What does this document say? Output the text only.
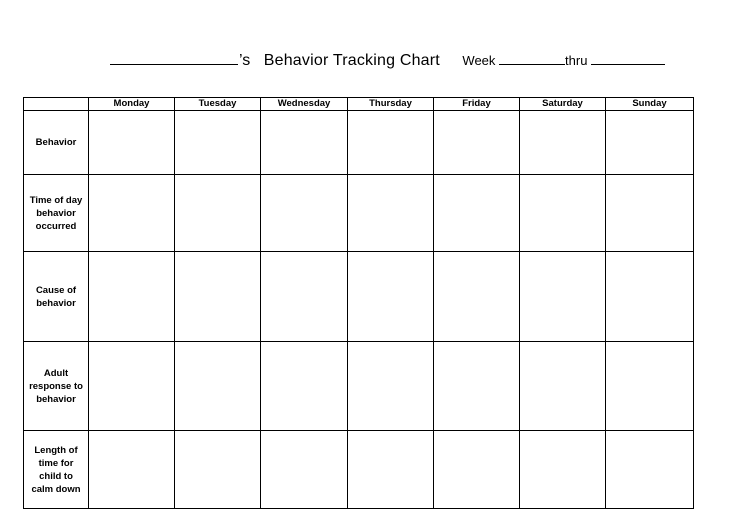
’s Behavior Tracking Chart Week	thru
	Monday	Tuesday	Wednesday	Thursday	Friday	Saturday	Sunday
Behavior							
Time of day behavior occurred							
Cause of behavior							
Adult response to behavior							
Length of time for child to calm down							
